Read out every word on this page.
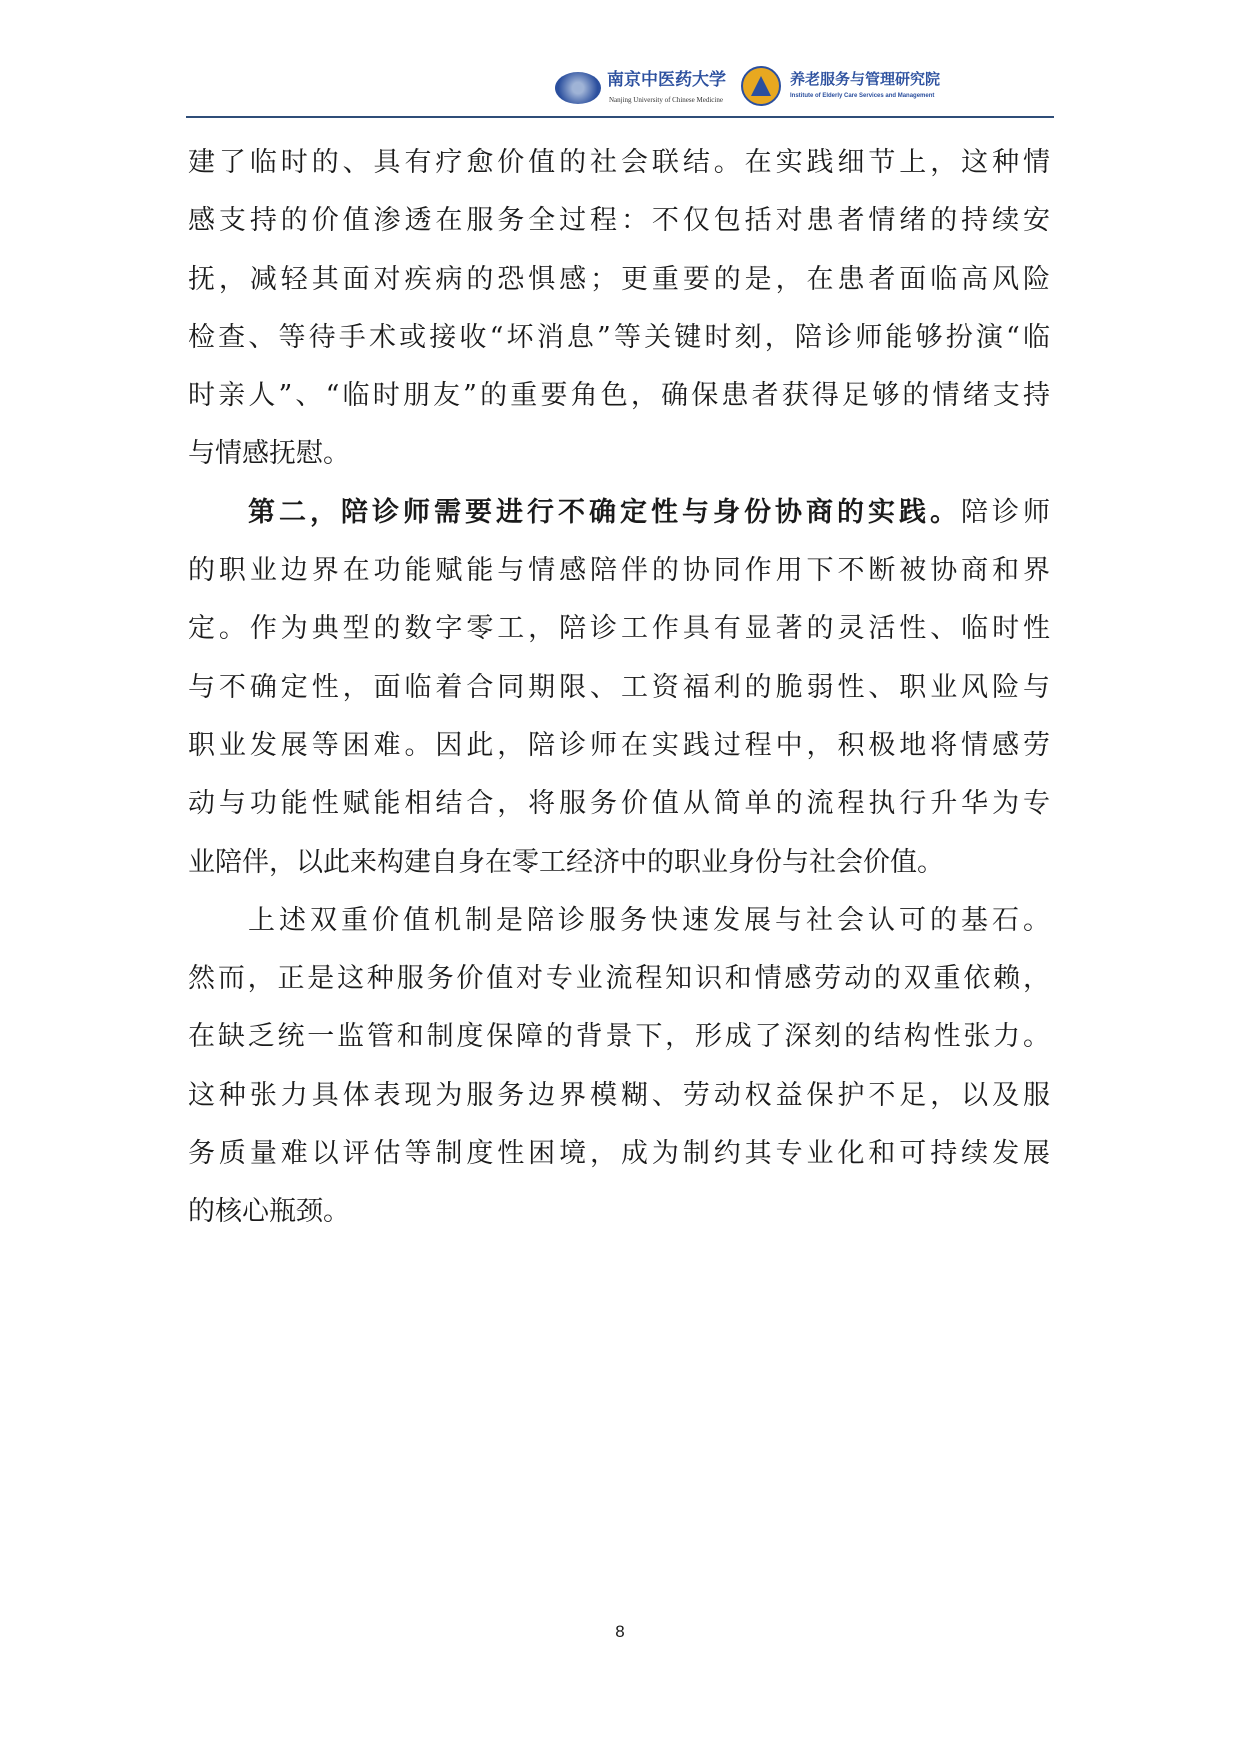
南京中医药大学
Nanjing University of Chinese Medicine
养老服务与管理研究院
Institute of Elderly Care Services and Management
建了临时的、具有疗愈价值的社会联结。在实践细节上，这种情
感支持的价值渗透在服务全过程：不仅包括对患者情绪的持续安
抚，减轻其面对疾病的恐惧感；更重要的是，在患者面临高风险
检查、等待手术或接收“坏消息”等关键时刻，陪诊师能够扮演“临
时亲人”、“临时朋友”的重要角色，确保患者获得足够的情绪支持
与情感抚慰。
第二，陪诊师需要进行不确定性与身份协商的实践。陪诊师
的职业边界在功能赋能与情感陪伴的协同作用下不断被协商和界
定。作为典型的数字零工，陪诊工作具有显著的灵活性、临时性
与不确定性，面临着合同期限、工资福利的脆弱性、职业风险与
职业发展等困难。因此，陪诊师在实践过程中，积极地将情感劳
动与功能性赋能相结合，将服务价值从简单的流程执行升华为专
业陪伴，以此来构建自身在零工经济中的职业身份与社会价值。
上述双重价值机制是陪诊服务快速发展与社会认可的基石。
然而，正是这种服务价值对专业流程知识和情感劳动的双重依赖，
在缺乏统一监管和制度保障的背景下，形成了深刻的结构性张力。
这种张力具体表现为服务边界模糊、劳动权益保护不足，以及服
务质量难以评估等制度性困境，成为制约其专业化和可持续发展
的核心瓶颈。
8
